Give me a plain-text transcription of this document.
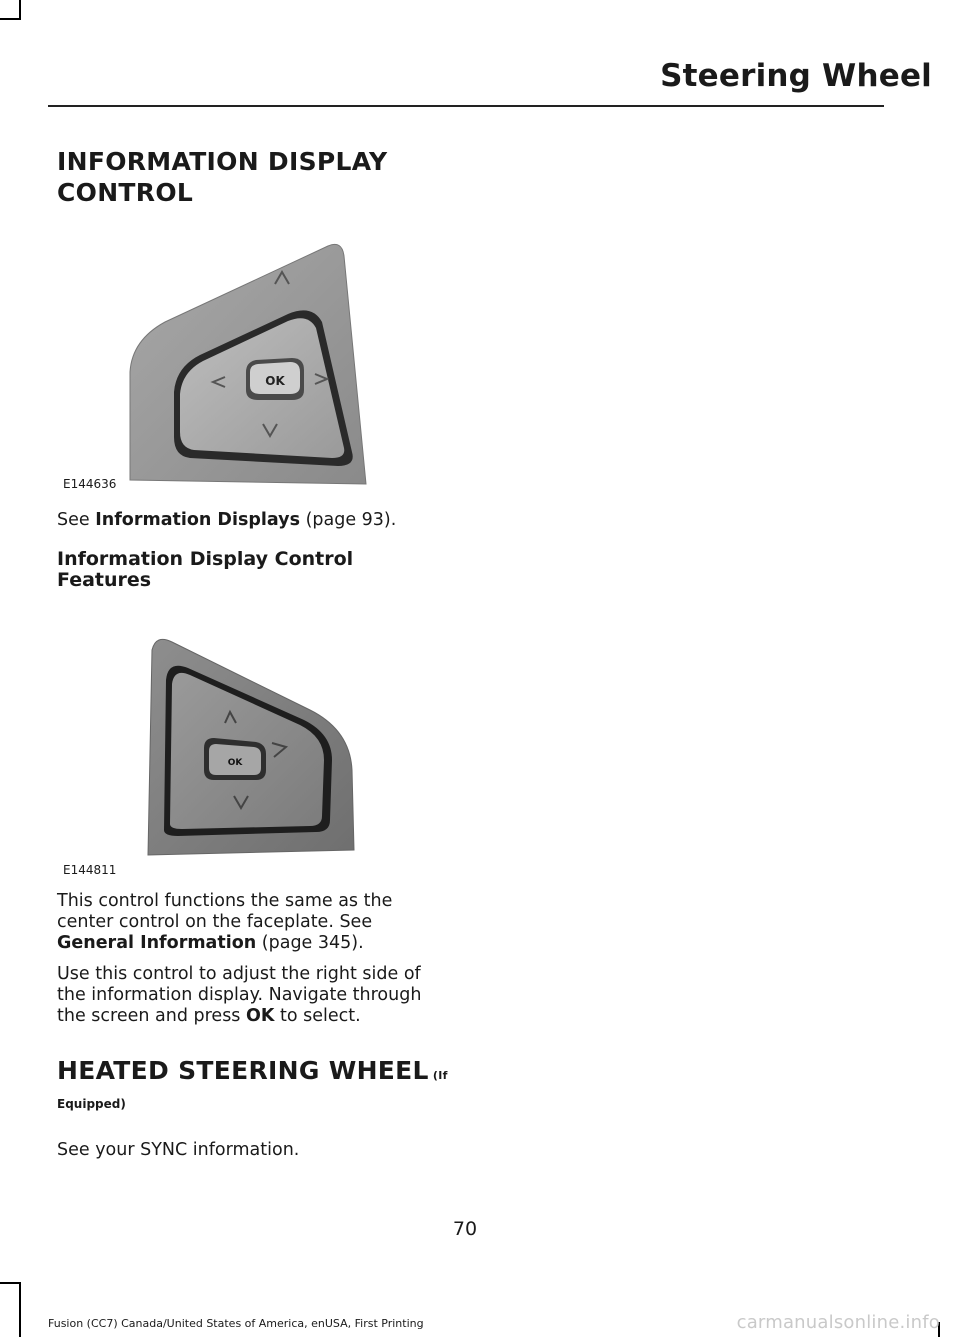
Steering Wheel
INFORMATION DISPLAY
CONTROL
OK
E144636
See Information Displays (page 93).
Information Display Control
Features
OK
E144811
This control functions the same as the
center control on the faceplate. See
General Information (page 345).
Use this control to adjust the right side of
the information display. Navigate through
the screen and press OK to select.
HEATED STEERING WHEEL (If
Equipped)
See your SYNC information.
70
Fusion (CC7) Canada/United States of America, enUSA, First Printing	carmanualsonline.info
